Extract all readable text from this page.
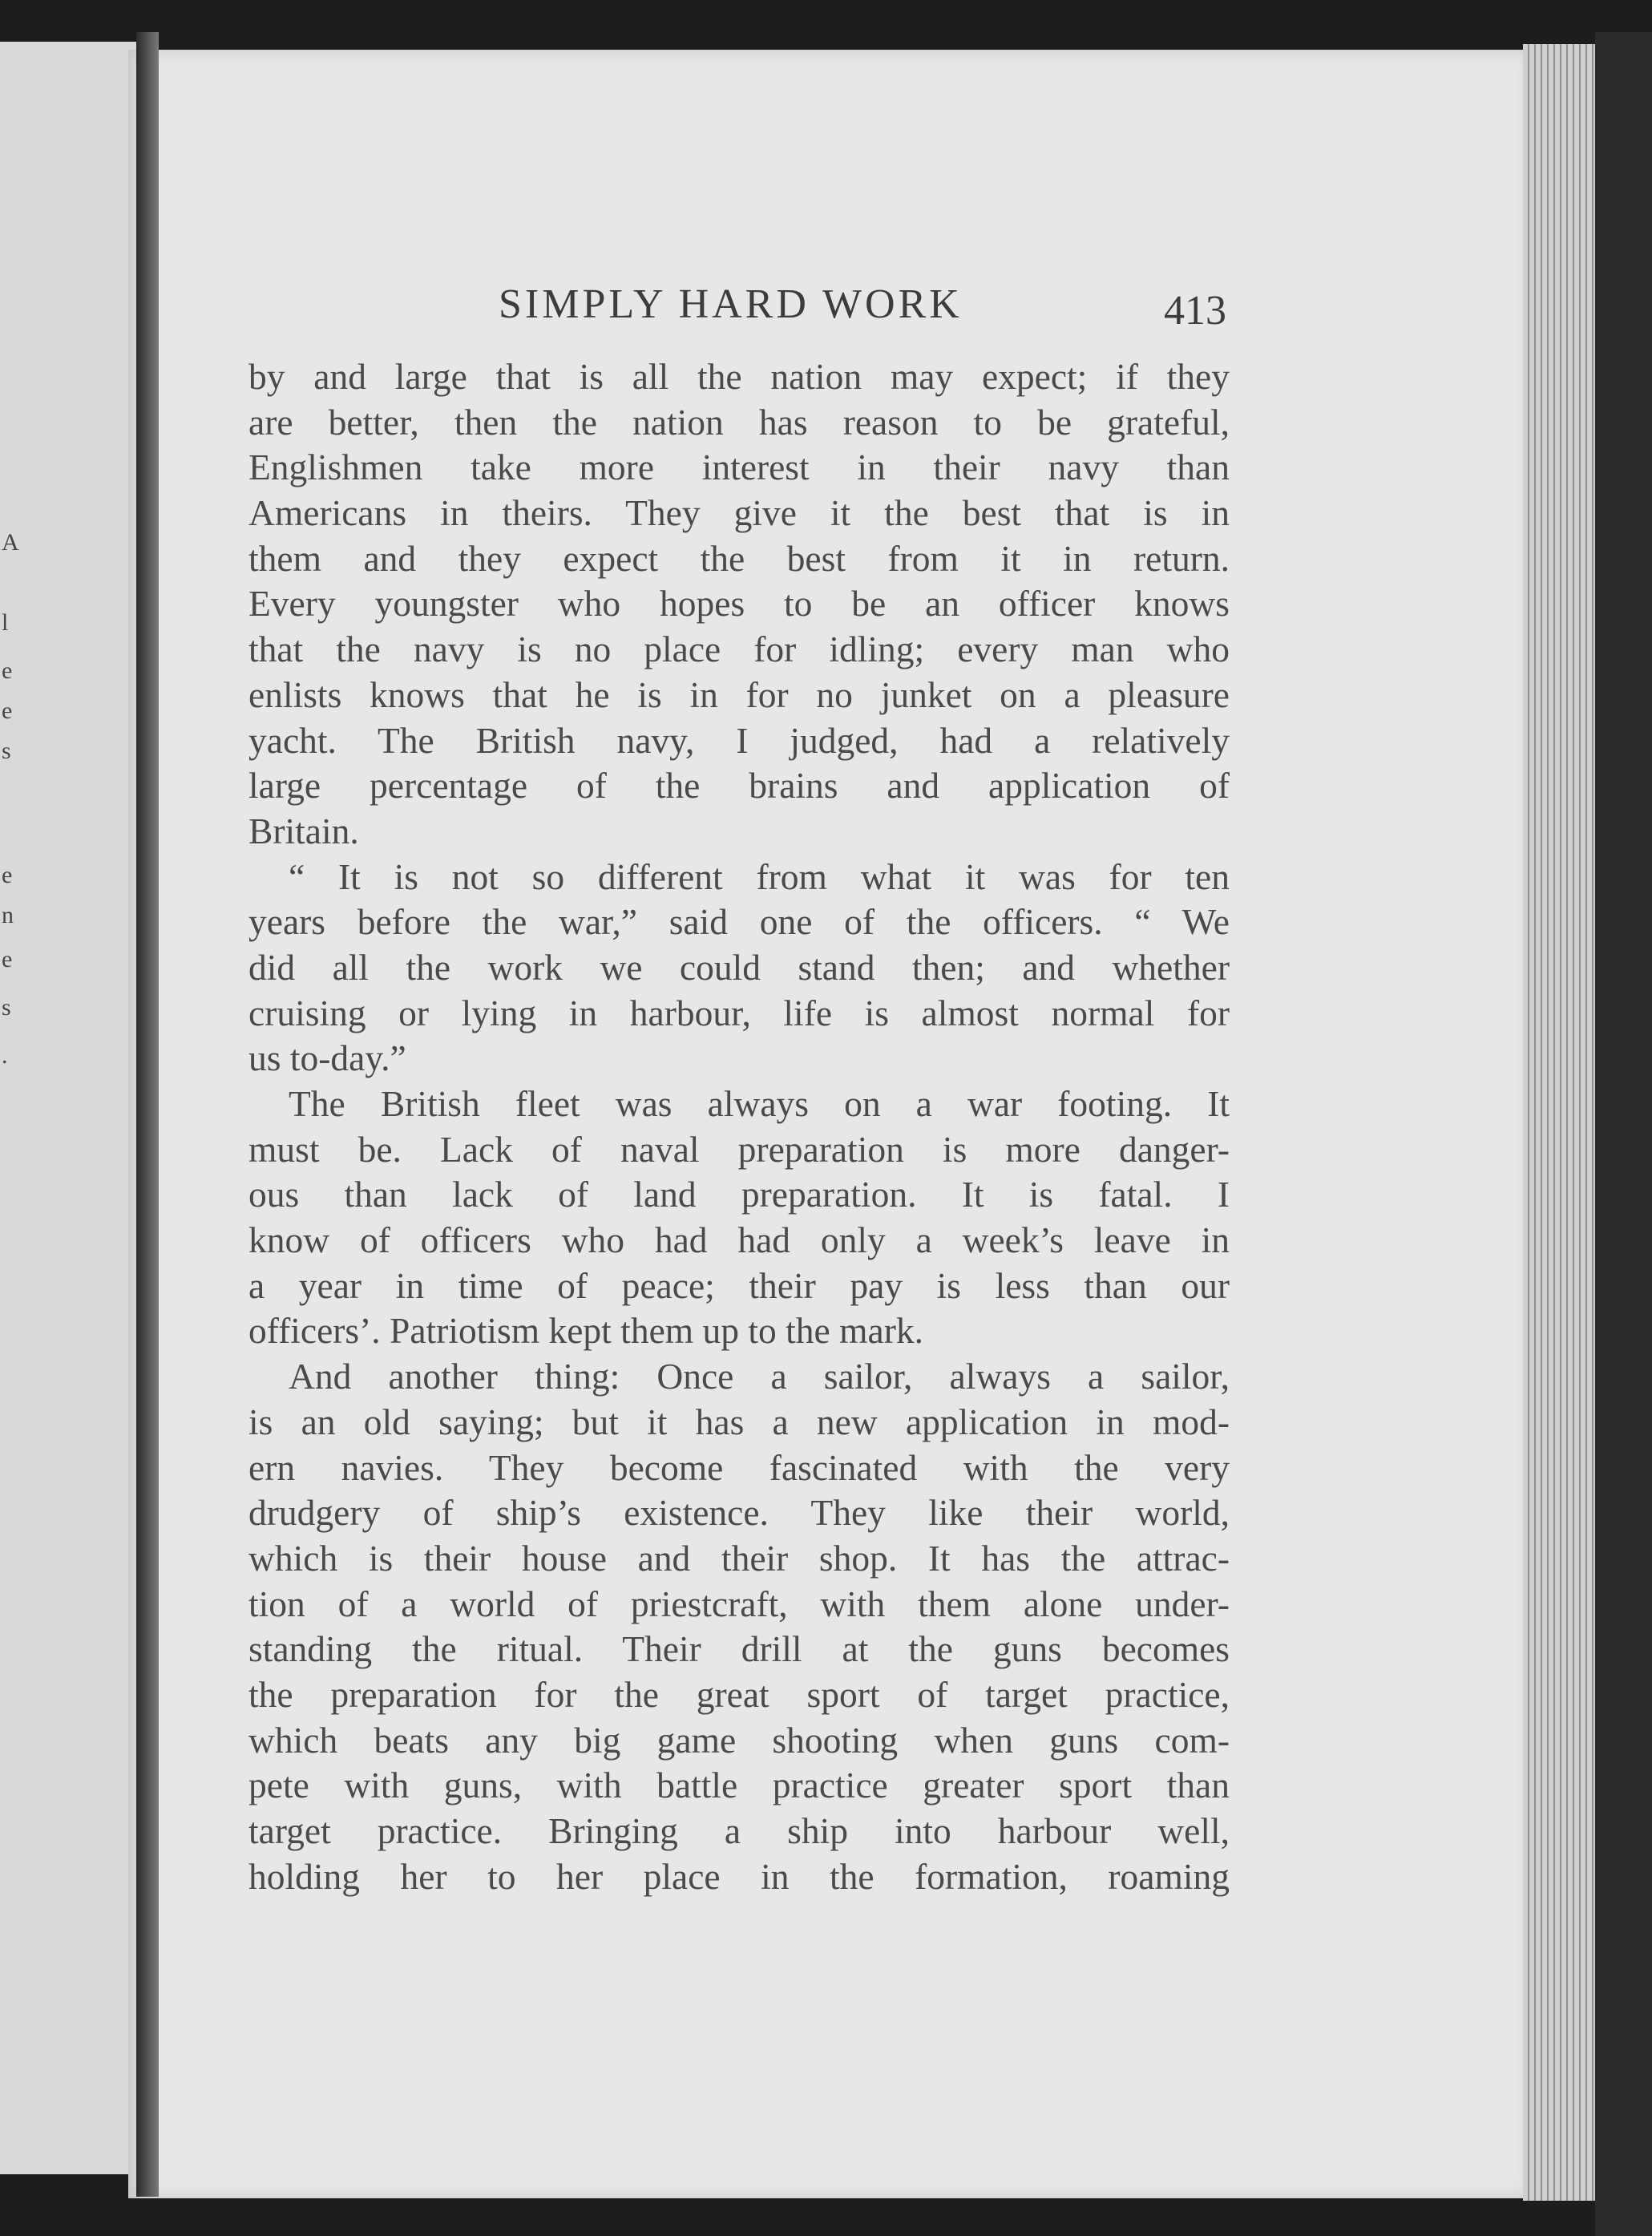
A
l
e
e
s
e
n
e
s
.
SIMPLY HARD WORK	413
by and large that is all the nation may expect; if they
are better, then the nation has reason to be grateful,
Englishmen take more interest in their navy than
Americans in theirs. They give it the best that is in
them and they expect the best from it in return.
Every youngster who hopes to be an officer knows
that the navy is no place for idling; every man who
enlists knows that he is in for no junket on a pleasure
yacht. The British navy, I judged, had a relatively
large percentage of the brains and application of
Britain.
“ It is not so different from what it was for ten
years before the war,” said one of the officers. “ We
did all the work we could stand then; and whether
cruising or lying in harbour, life is almost normal for
us to-day.”
The British fleet was always on a war footing. It
must be. Lack of naval preparation is more danger-
ous than lack of land preparation. It is fatal. I
know of officers who had had only a week’s leave in
a year in time of peace; their pay is less than our
officers’. Patriotism kept them up to the mark.
And another thing: Once a sailor, always a sailor,
is an old saying; but it has a new application in mod-
ern navies. They become fascinated with the very
drudgery of ship’s existence. They like their world,
which is their house and their shop. It has the attrac-
tion of a world of priestcraft, with them alone under-
standing the ritual. Their drill at the guns becomes
the preparation for the great sport of target practice,
which beats any big game shooting when guns com-
pete with guns, with battle practice greater sport than
target practice. Bringing a ship into harbour well,
holding her to her place in the formation, roaming
